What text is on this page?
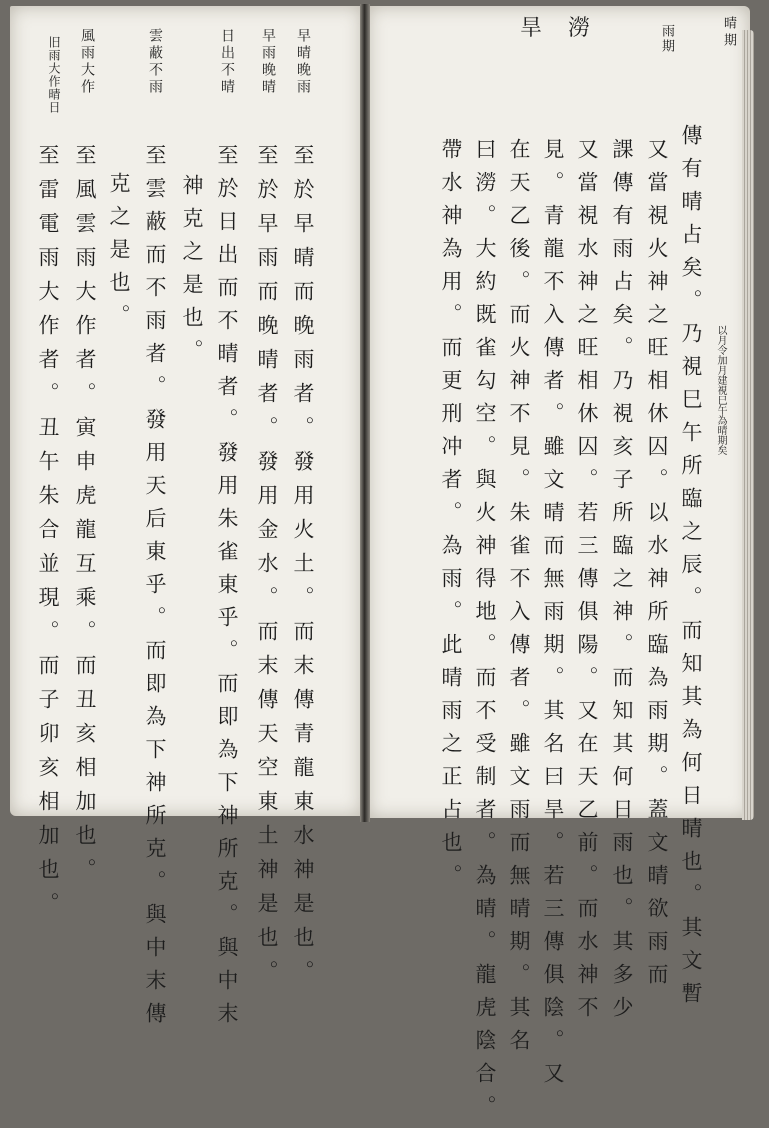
晴期
雨期
旱澇
以月令加月建視巳午為晴期矣
傳有晴占矣。乃視巳午所臨之辰。而知其為何日晴也。其文暫
又當視火神之旺相休囚。以水神所臨為雨期。蓋文晴欲雨而
課傳有雨占矣。乃視亥子所臨之神。而知其何日雨也。其多少
又當視水神之旺相休囚。若三傳俱陽。又在天乙前。而水神不
見。青龍不入傳者。雖文晴而無雨期。其名曰旱。若三傳俱陰。又
在天乙後。而火神不見。朱雀不入傳者。雖文雨而無晴期。其名
曰澇。大約既雀勾空。與火神得地。而不受制者。為晴。龍虎陰合。
帶水神為用。而更刑冲者。為雨。此晴雨之正占也。
早晴晚雨
早雨晚晴
日出不晴
雲蔽不雨
風雨大作
旧雨大作晴日
至於早晴而晚雨者。發用火土。而末傳青龍東水神是也。
至於早雨而晚晴者。發用金水。而末傳天空東土神是也。
至於日出而不晴者。發用朱雀東乎。而即為下神所克。與中末
神克之是也。
至雲蔽而不雨者。發用天后東乎。而即為下神所克。與中末傳
克之是也。
至風雲雨大作者。寅申虎龍互乘。而丑亥相加也。
至雷電雨大作者。丑午朱合並現。而子卯亥相加也。
